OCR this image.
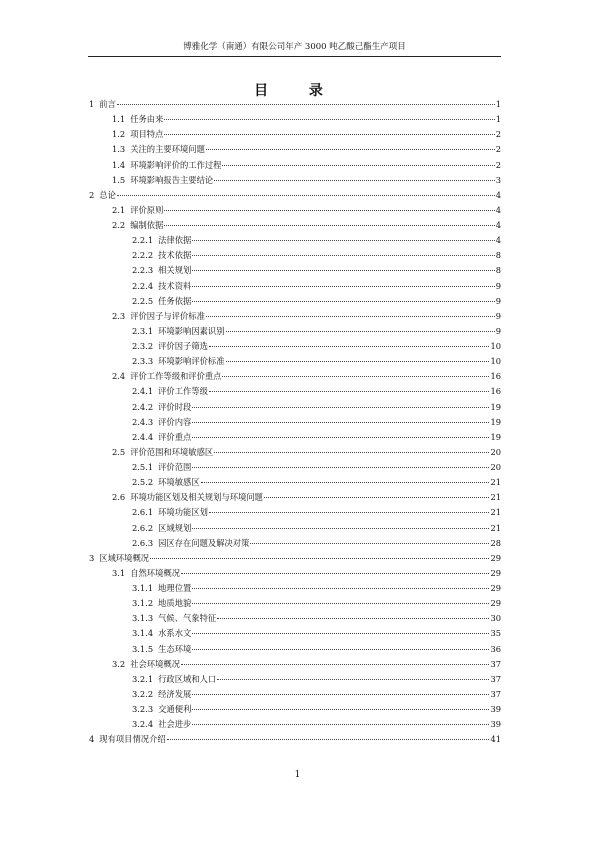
博雅化学（南通）有限公司年产 3000 吨乙酸己酯生产项目
目 录
1 前言	1
1.1 任务由来	1
1.2 项目特点	2
1.3 关注的主要环境问题	2
1.4 环境影响评价的工作过程	2
1.5 环境影响报告主要结论	3
2 总论	4
2.1 评价原则	4
2.2 编制依据	4
2.2.1 法律依据	4
2.2.2 技术依据	8
2.2.3 相关规划	8
2.2.4 技术资料	9
2.2.5 任务依据	9
2.3 评价因子与评价标准	9
2.3.1 环境影响因素识别	9
2.3.2 评价因子筛选	10
2.3.3 环境影响评价标准	10
2.4 评价工作等级和评价重点	16
2.4.1 评价工作等级	16
2.4.2 评价时段	19
2.4.3 评价内容	19
2.4.4 评价重点	19
2.5 评价范围和环境敏感区	20
2.5.1 评价范围	20
2.5.2 环境敏感区	21
2.6 环境功能区划及相关规划与环境问题	21
2.6.1 环境功能区划	21
2.6.2 区域规划	21
2.6.3 园区存在问题及解决对策	28
3 区域环境概况	29
3.1 自然环境概况	29
3.1.1 地理位置	29
3.1.2 地质地貌	29
3.1.3 气候、气象特征	30
3.1.4 水系水文	35
3.1.5 生态环境	36
3.2 社会环境概况	37
3.2.1 行政区域和人口	37
3.2.2 经济发展	37
3.2.3 交通便利	39
3.2.4 社会进步	39
4 现有项目情况介绍	41
1
